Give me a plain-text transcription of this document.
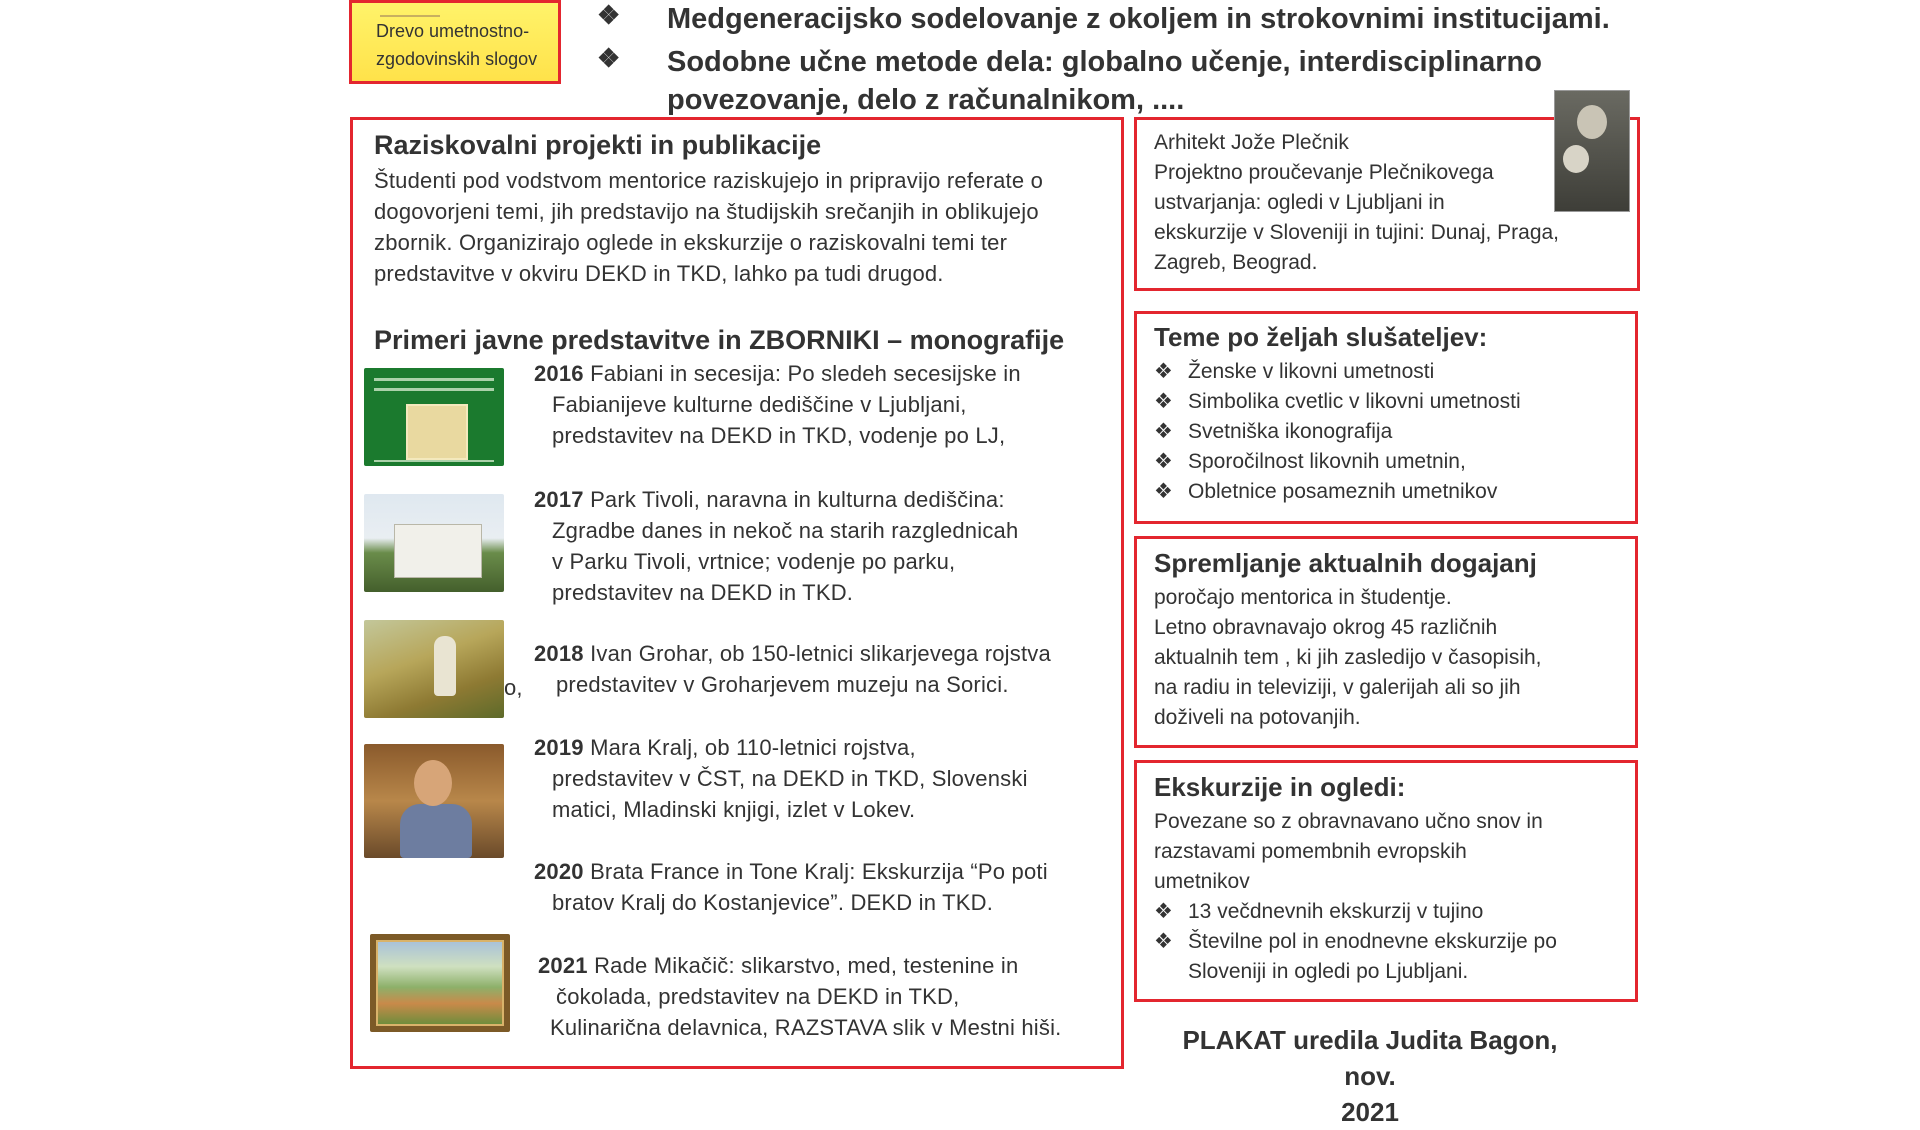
Drevo umetnostno-
zgodovinskih slogov
❖	Medgeneracijsko sodelovanje z okoljem in strokovnimi institucijami.
❖	Sodobne učne metode dela: globalno učenje, interdisciplinarno
povezovanje, delo z računalnikom, ....
Raziskovalni projekti in publikacije
Študenti pod vodstvom mentorice raziskujejo in pripravijo referate o
dogovorjeni temi, jih predstavijo na študijskih srečanjih in oblikujejo
zbornik. Organizirajo oglede in ekskurzije o raziskovalni temi ter
predstavitve v okviru DEKD in TKD, lahko pa tudi drugod.
Primeri javne predstavitve in ZBORNIKI – monografije
2016 Fabiani in secesija: Po sledeh secesijske in
Fabianijeve kulturne dediščine v Ljubljani,
predstavitev na DEKD in TKD, vodenje po LJ,
2017 Park Tivoli, naravna in kulturna dediščina:
Zgradbe danes in nekoč na starih razglednicah
v Parku Tivoli, vrtnice; vodenje po parku,
predstavitev na DEKD in TKD.
o,
2018 Ivan Grohar, ob 150-letnici slikarjevega rojstva
predstavitev v Groharjevem muzeju na Sorici.
2019 Mara Kralj, ob 110-letnici rojstva,
predstavitev v ČST, na DEKD in TKD, Slovenski
matici, Mladinski knjigi, izlet v Lokev.
2020 Brata France in Tone Kralj: Ekskurzija “Po poti
bratov Kralj do Kostanjevice”. DEKD in TKD.
2021 Rade Mikačič: slikarstvo, med, testenine in
čokolada, predstavitev na DEKD in TKD,
Kulinarična delavnica, RAZSTAVA slik v Mestni hiši.
Arhitekt Jože Plečnik
Projektno proučevanje Plečnikovega
ustvarjanja: ogledi v Ljubljani in
ekskurzije v Sloveniji in tujini: Dunaj, Praga,
Zagreb, Beograd.
Teme po željah slušateljev:
❖ Ženske v likovni umetnosti
❖ Simbolika cvetlic v likovni umetnosti
❖ Svetniška ikonografija
❖ Sporočilnost likovnih umetnin,
❖ Obletnice posameznih umetnikov
Spremljanje aktualnih dogajanj
poročajo mentorica in študentje.
Letno obravnavajo okrog 45 različnih
aktualnih tem , ki jih zasledijo v časopisih,
na radiu in televiziji, v galerijah ali so jih
doživeli na potovanjih.
Ekskurzije in ogledi:
Povezane so z obravnavano učno snov in
razstavami pomembnih evropskih
umetnikov
❖ 13 večdnevnih ekskurzij v tujino
❖ Številne pol in enodnevne ekskurzije po
Sloveniji in ogledi po Ljubljani.
PLAKAT uredila Judita Bagon, nov.
2021
